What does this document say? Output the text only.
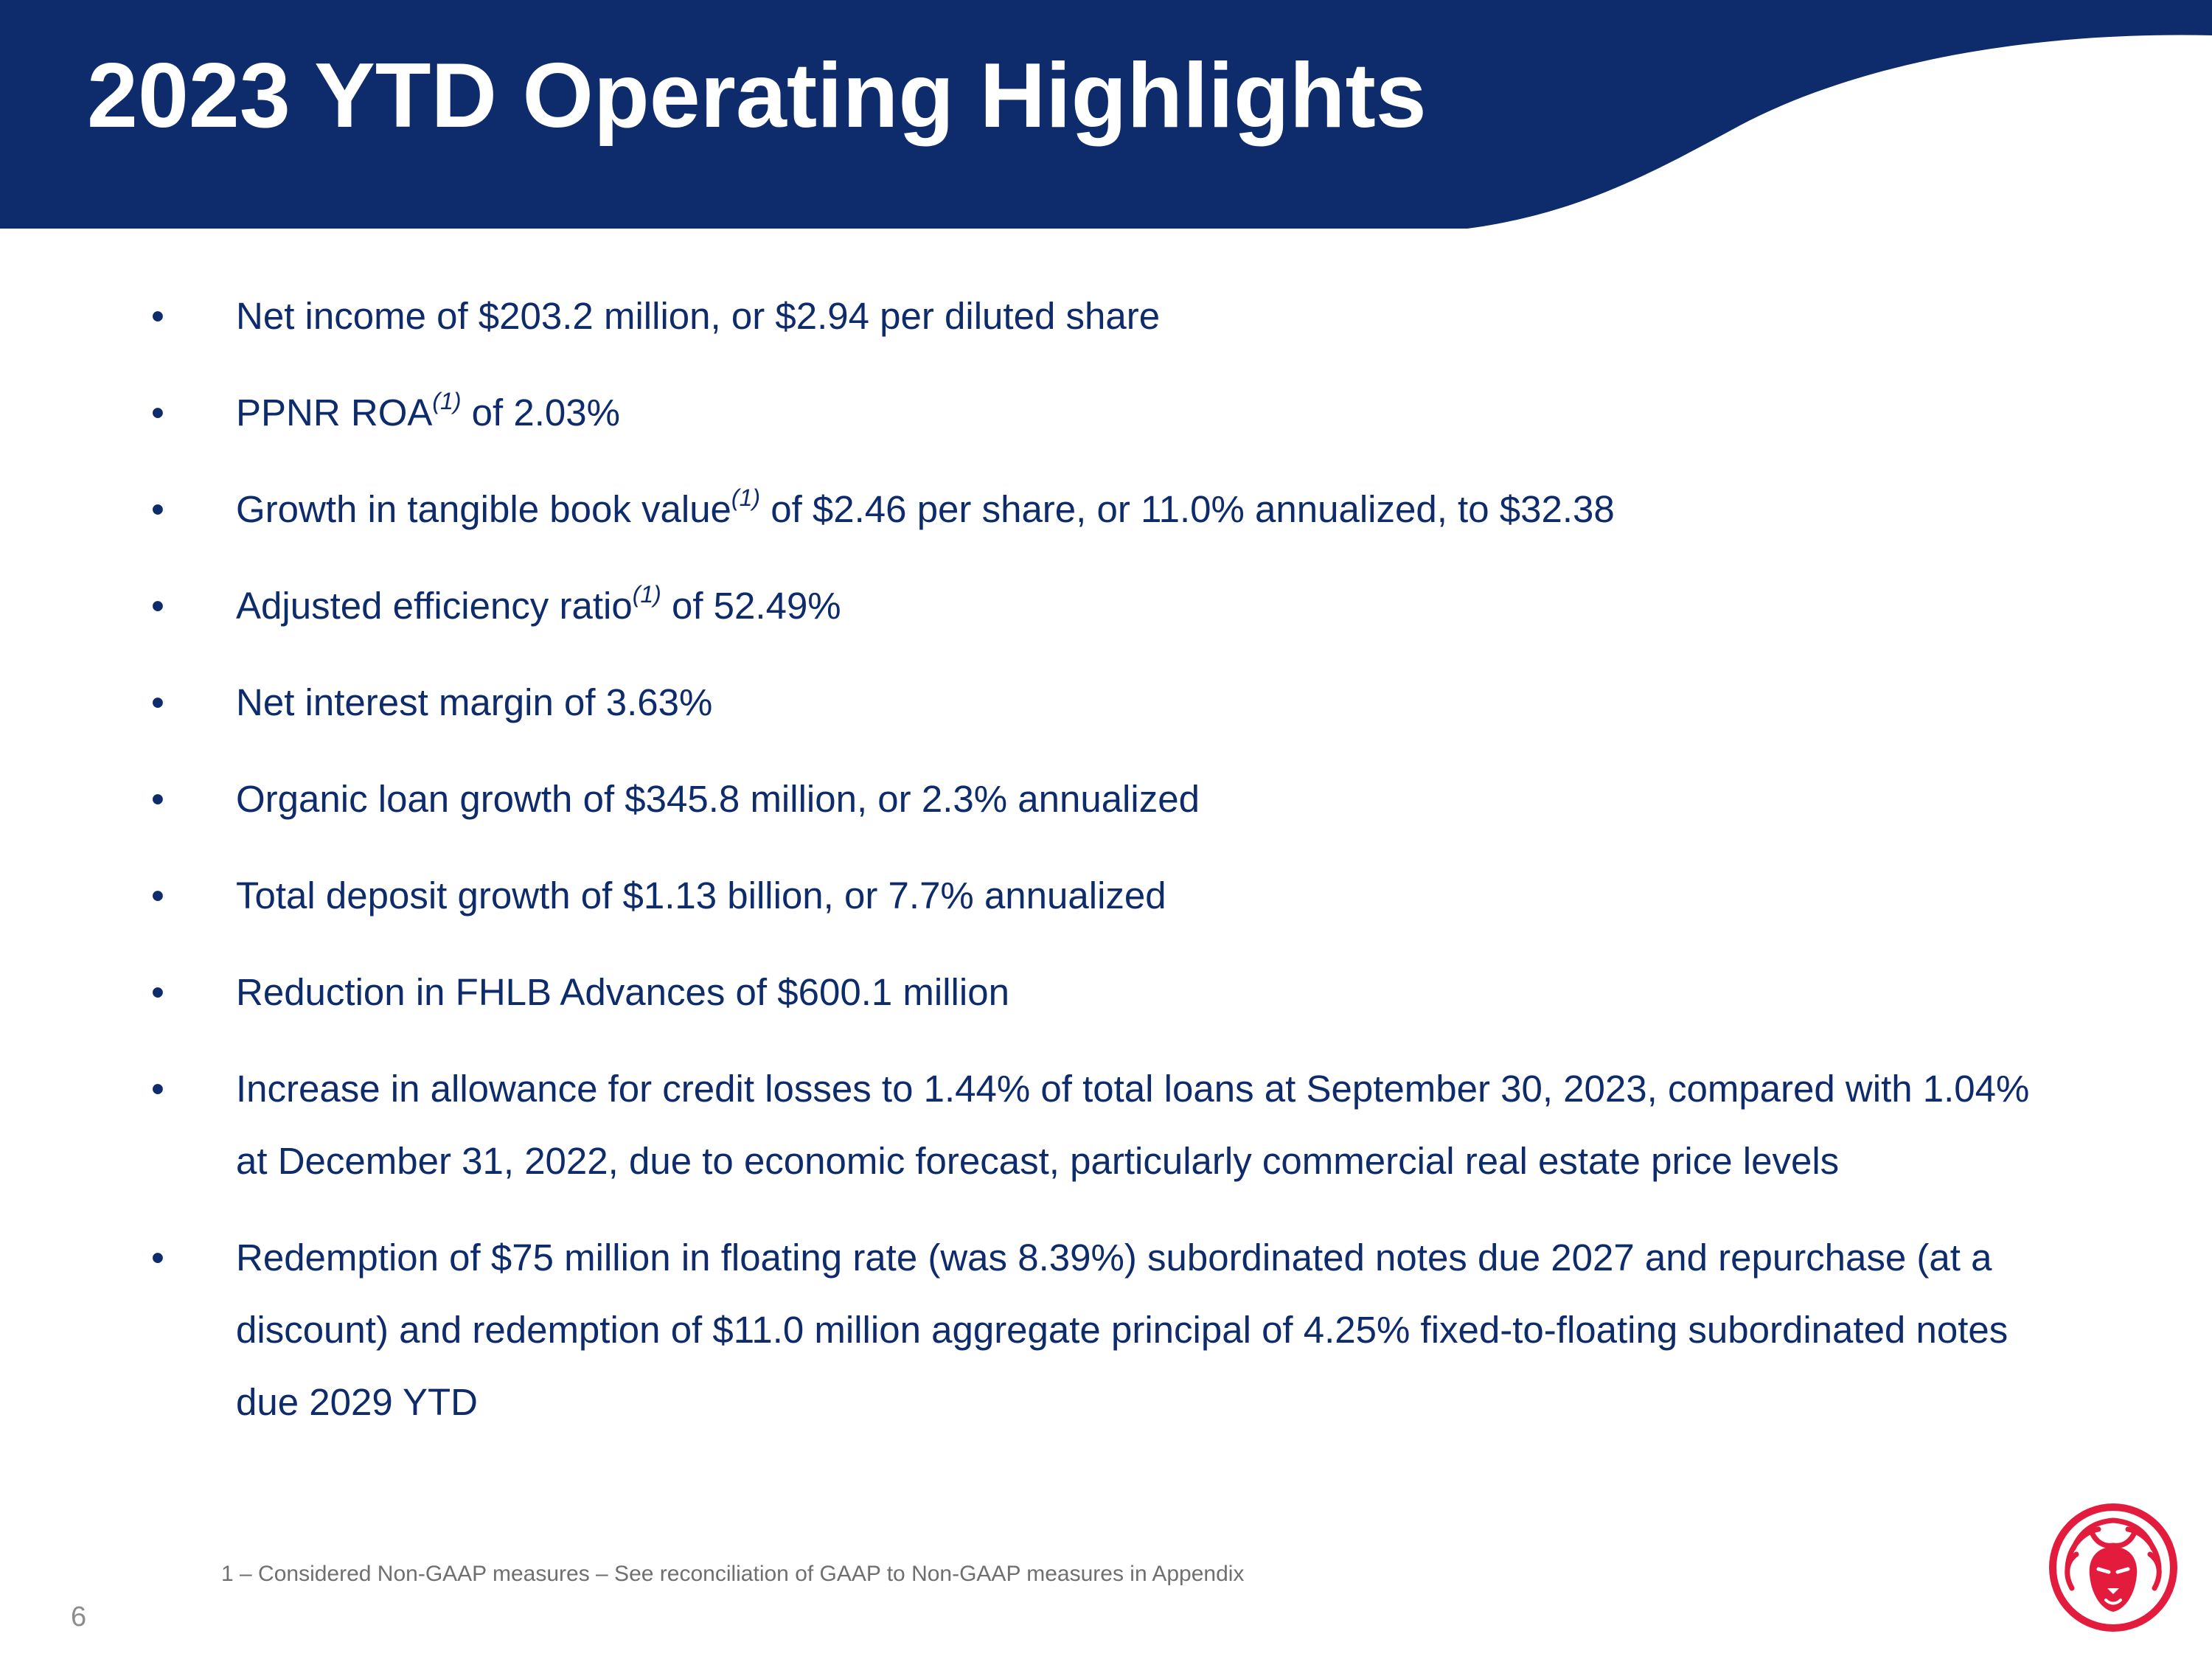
2023 YTD Operating Highlights
•	Net income of $203.2 million, or $2.94 per diluted share
•	PPNR ROA$^{(1)}$ of 2.03%
•	Growth in tangible book value$^{(1)}$ of $2.46 per share, or 11.0% annualized, to $32.38
•	Adjusted efficiency ratio$^{(1)}$ of 52.49%
•	Net interest margin of 3.63%
•	Organic loan growth of $345.8 million, or 2.3% annualized
•	Total deposit growth of $1.13 billion, or 7.7% annualized
•	Reduction in FHLB Advances of $600.1 million
•	Increase in allowance for credit losses to 1.44% of total loans at September 30, 2023, compared with 1.04% at December 31, 2022, due to economic forecast, particularly commercial real estate price levels
•	Redemption of $75 million in floating rate (was 8.39%) subordinated notes due 2027 and repurchase (at a discount) and redemption of $11.0 million aggregate principal of 4.25% fixed-to-floating subordinated notes due 2029 YTD
1 – Considered Non-GAAP measures – See reconciliation of GAAP to Non-GAAP measures in Appendix
6
